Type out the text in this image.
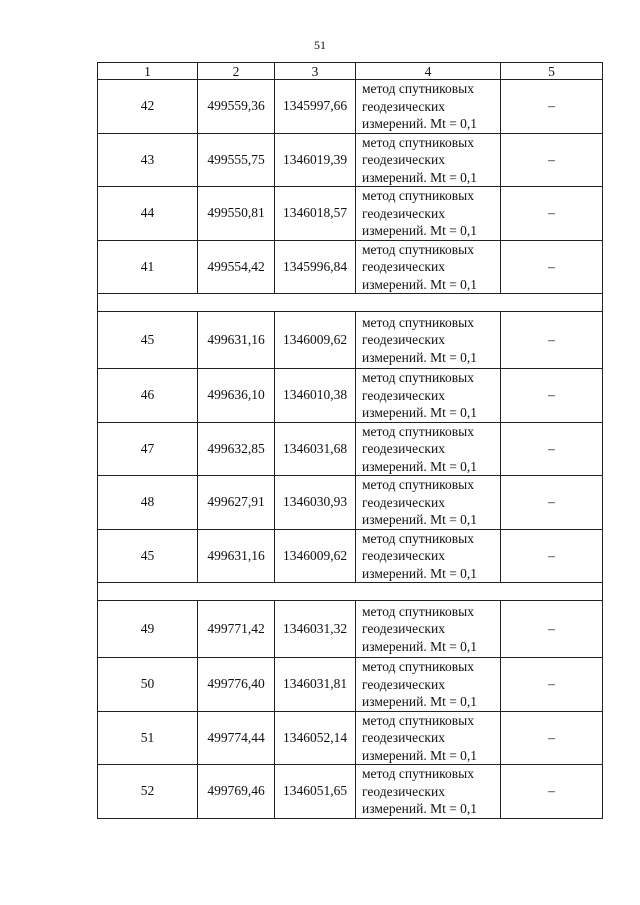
51
1	2	3	4	5
42	499559,36	1345997,66	метод спутниковых
геодезических
измерений. Mt = 0,1	–
43	499555,75	1346019,39	метод спутниковых
геодезических
измерений. Mt = 0,1	–
44	499550,81	1346018,57	метод спутниковых
геодезических
измерений. Mt = 0,1	–
41	499554,42	1345996,84	метод спутниковых
геодезических
измерений. Mt = 0,1	–

45	499631,16	1346009,62	метод спутниковых
геодезических
измерений. Mt = 0,1	–
46	499636,10	1346010,38	метод спутниковых
геодезических
измерений. Mt = 0,1	–
47	499632,85	1346031,68	метод спутниковых
геодезических
измерений. Mt = 0,1	–
48	499627,91	1346030,93	метод спутниковых
геодезических
измерений. Mt = 0,1	–
45	499631,16	1346009,62	метод спутниковых
геодезических
измерений. Mt = 0,1	–

49	499771,42	1346031,32	метод спутниковых
геодезических
измерений. Mt = 0,1	–
50	499776,40	1346031,81	метод спутниковых
геодезических
измерений. Mt = 0,1	–
51	499774,44	1346052,14	метод спутниковых
геодезических
измерений. Mt = 0,1	–
52	499769,46	1346051,65	метод спутниковых
геодезических
измерений. Mt = 0,1	–
